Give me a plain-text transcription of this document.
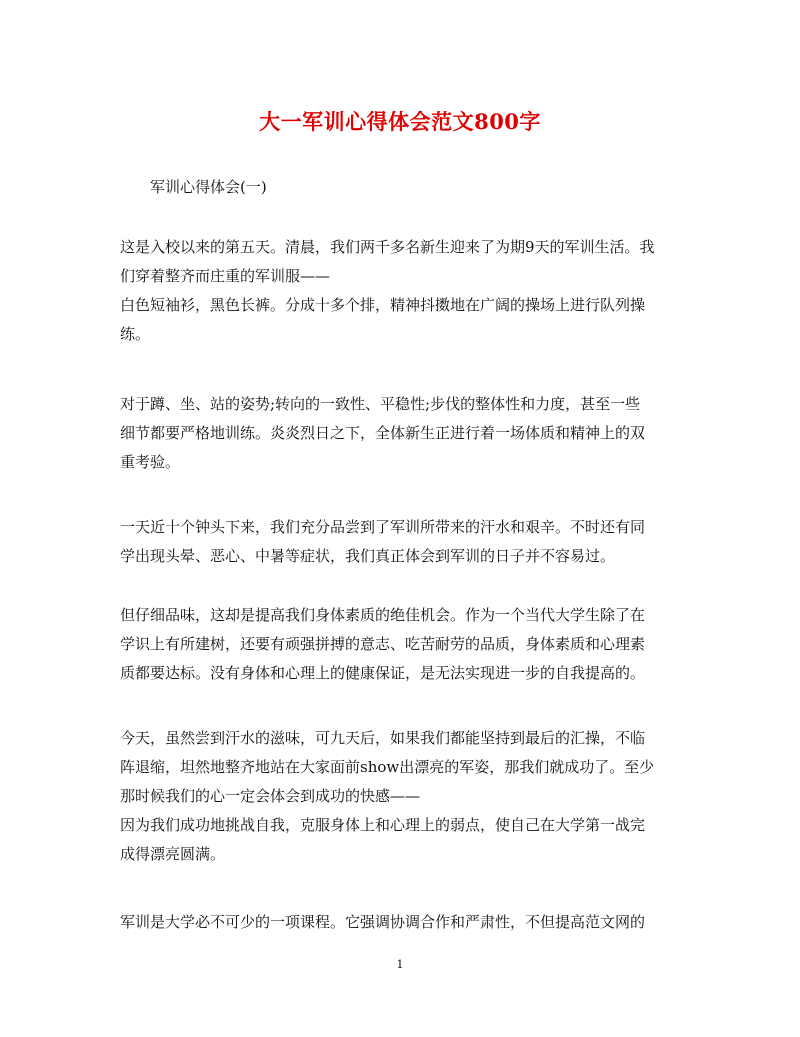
大一军训心得体会范文800字
军训心得体会(一)
这是入校以来的第五天。清晨，我们两千多名新生迎来了为期9天的军训生活。我
们穿着整齐而庄重的军训服——
白色短袖衫，黑色长裤。分成十多个排，精神抖擞地在广阔的操场上进行队列操
练。
对于蹲、坐、站的姿势;转向的一致性、平稳性;步伐的整体性和力度，甚至一些
细节都要严格地训练。炎炎烈日之下，全体新生正进行着一场体质和精神上的双
重考验。
一天近十个钟头下来，我们充分品尝到了军训所带来的汗水和艰辛。不时还有同
学出现头晕、恶心、中暑等症状，我们真正体会到军训的日子并不容易过。
但仔细品味，这却是提高我们身体素质的绝佳机会。作为一个当代大学生除了在
学识上有所建树，还要有顽强拼搏的意志、吃苦耐劳的品质，身体素质和心理素
质都要达标。没有身体和心理上的健康保证，是无法实现进一步的自我提高的。
今天，虽然尝到汗水的滋味，可九天后，如果我们都能坚持到最后的汇操，不临
阵退缩，坦然地整齐地站在大家面前show出漂亮的军姿，那我们就成功了。至少
那时候我们的心一定会体会到成功的快感——
因为我们成功地挑战自我，克服身体上和心理上的弱点，使自己在大学第一战完
成得漂亮圆满。
军训是大学必不可少的一项课程。它强调协调合作和严肃性，不但提高范文网的
1
